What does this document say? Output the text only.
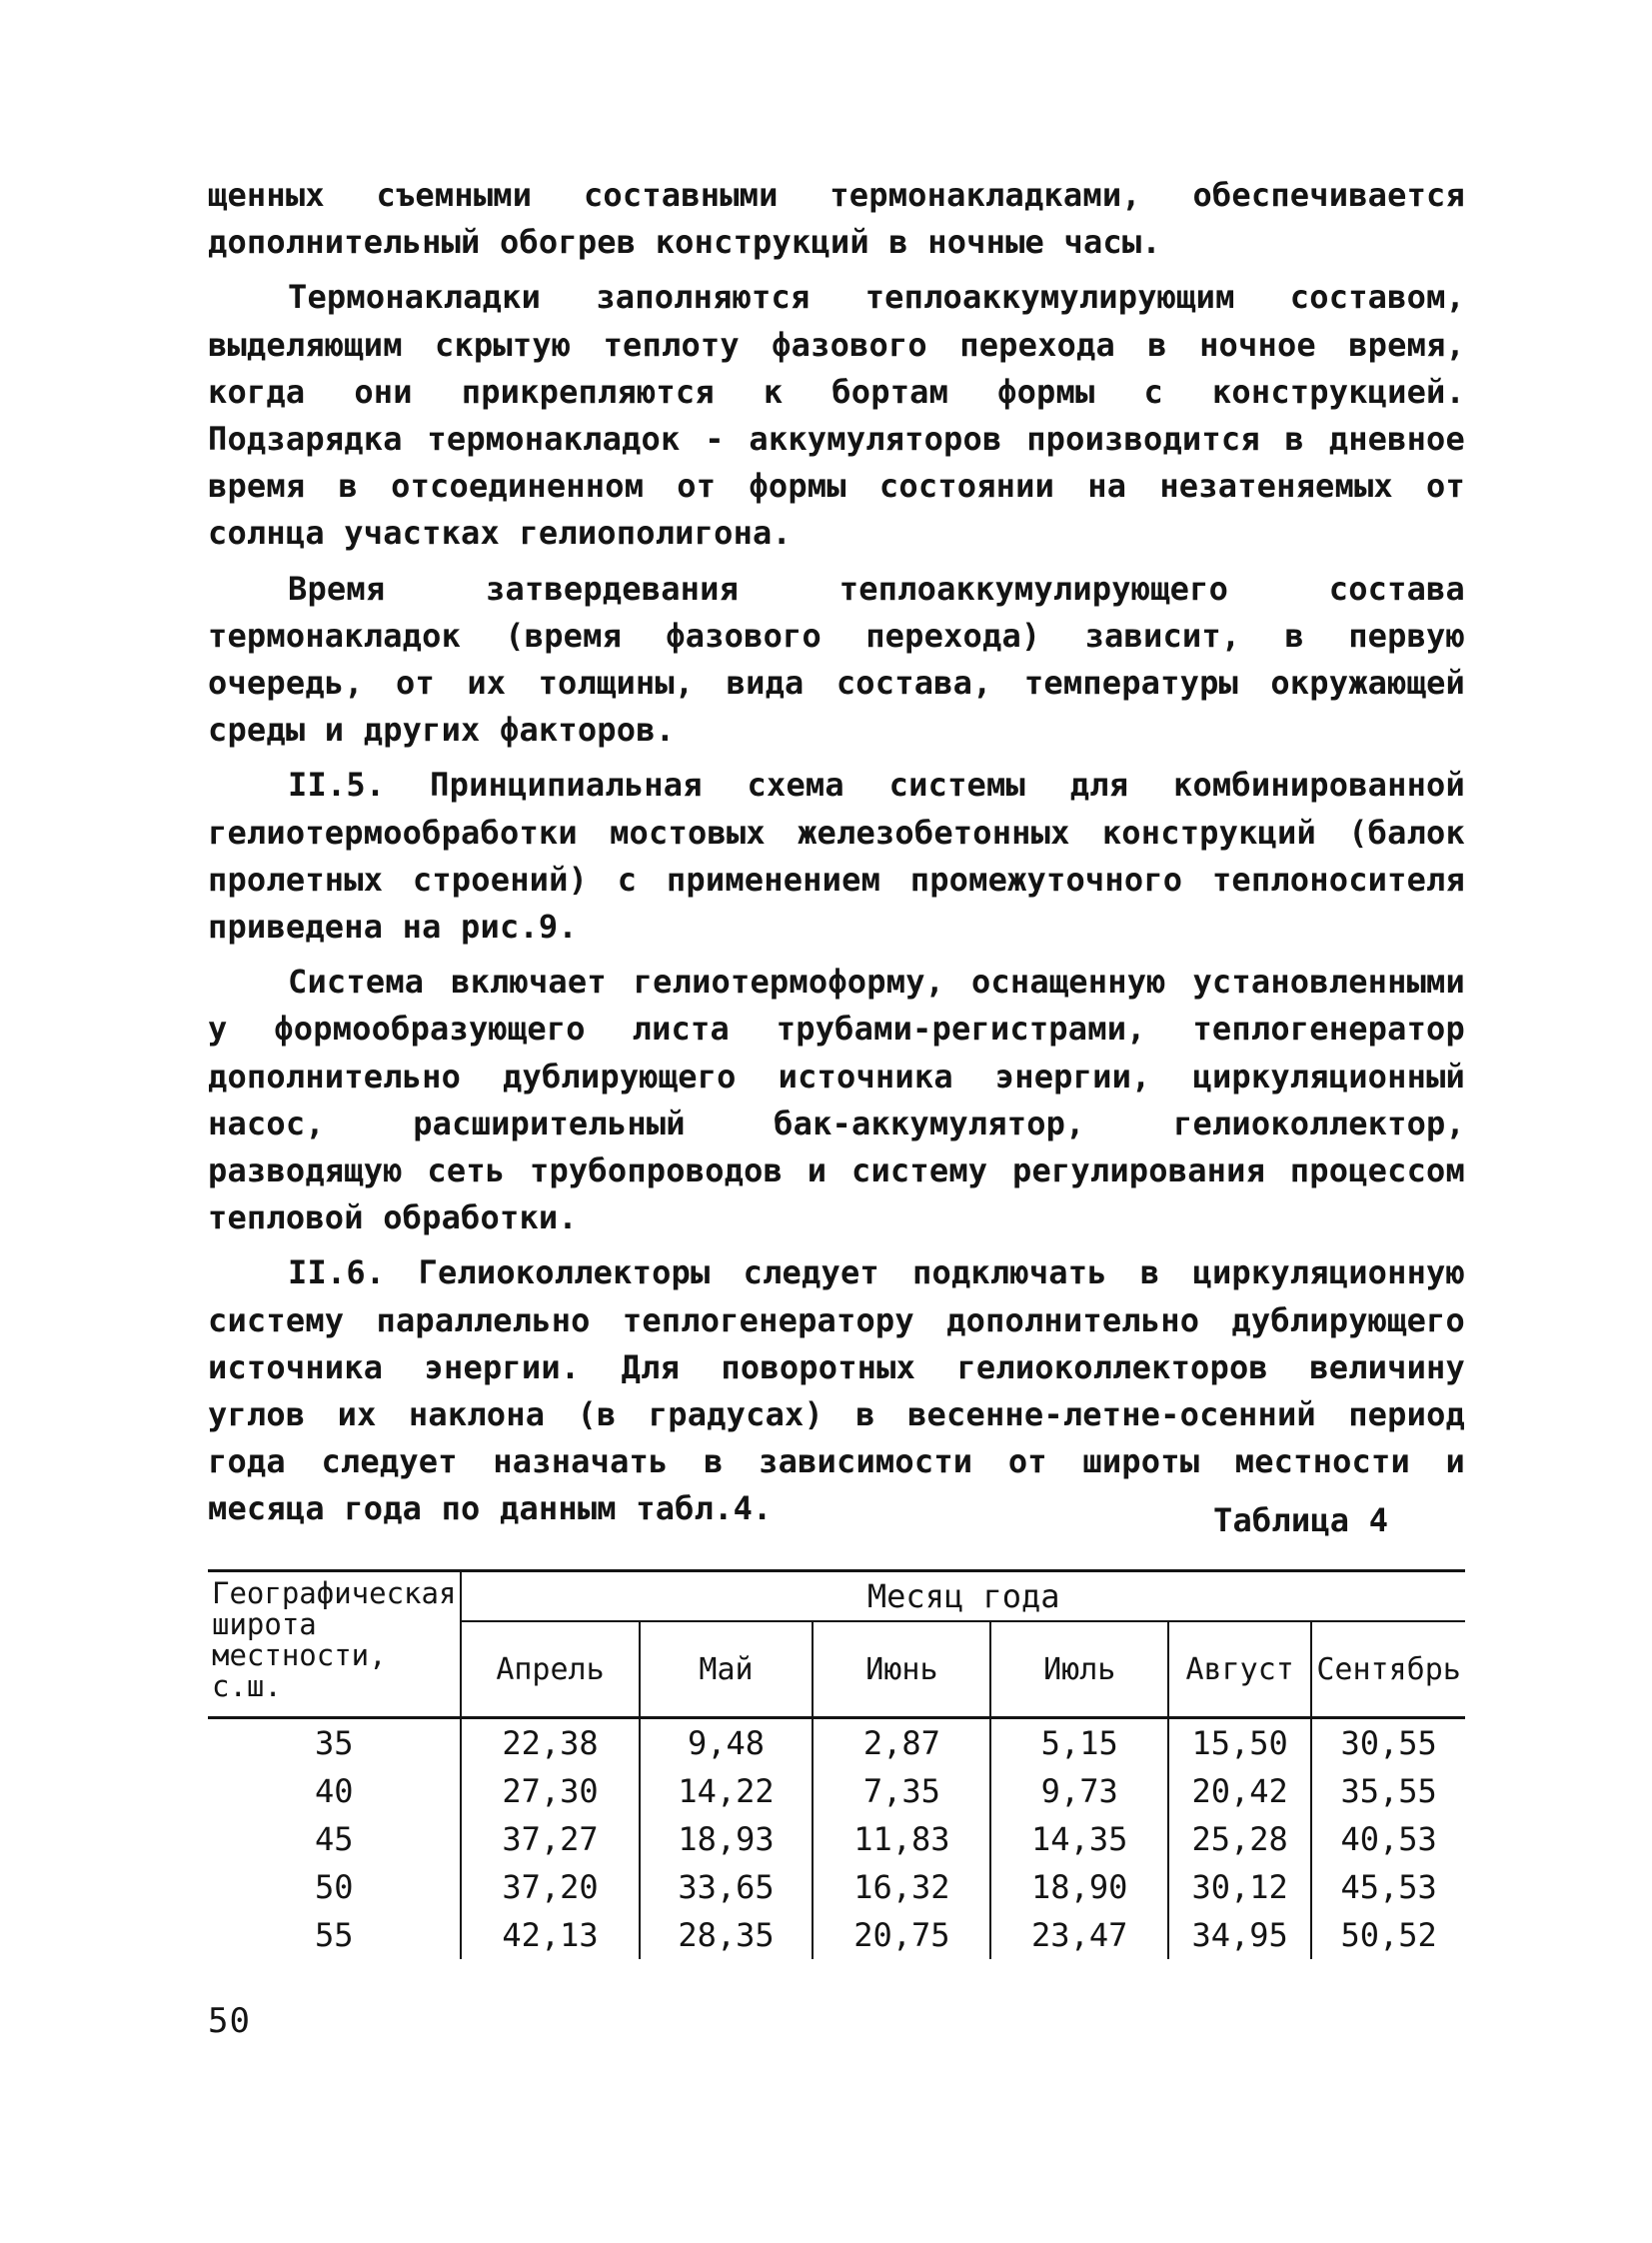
щенных съемными составными термонакладками, обеспечивается дополнительный обогрев конструкций в ночные часы.

Термонакладки заполняются теплоаккумулирующим составом, выделяющим скрытую теплоту фазового перехода в ночное время, когда они прикрепляются к бортам формы с конструкцией. Подзарядка термонакладок - аккумуляторов производится в дневное время в отсоединенном от формы состоянии на незатеняемых от солнца участках гелиополигона.

Время затвердевания теплоаккумулирующего состава термонакладок (время фазового перехода) зависит, в первую очередь, от их толщины, вида состава, температуры окружающей среды и других факторов.

II.5. Принципиальная схема системы для комбинированной гелиотермообработки мостовых железобетонных конструкций (балок пролетных строений) с применением промежуточного теплоносителя приведена на рис.9.

Система включает гелиотермоформу, оснащенную установленными у формообразующего листа трубами-регистрами, теплогенератор дополнительно дублирующего источника энергии, циркуляционный насос, расширительный бак-аккумулятор, гелиоколлектор, разводящую сеть трубопроводов и систему регулирования процессом тепловой обработки.

II.6. Гелиоколлекторы следует подключать в циркуляционную систему параллельно теплогенератору дополнительно дублирующего источника энергии. Для поворотных гелиоколлекторов величину углов их наклона (в градусах) в весенне-летне-осенний период года следует назначать в зависимости от широты местности и месяца года по данным табл.4.	Таблица 4
Географическая широта местности, с.ш.	Месяц года					
	Апрель	Май	Июнь	Июль	Август	Сентябрь
35	22,38	9,48	2,87	5,15	15,50	30,55
40	27,30	14,22	7,35	9,73	20,42	35,55
45	37,27	18,93	11,83	14,35	25,28	40,53
50	37,20	33,65	16,32	18,90	30,12	45,53
55	42,13	28,35	20,75	23,47	34,95	50,52
50
